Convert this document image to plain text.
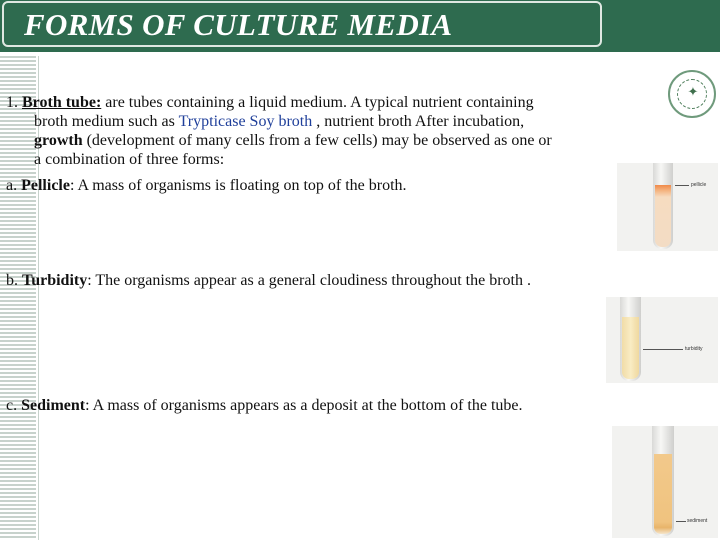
FORMS OF CULTURE MEDIA
✦
1. Broth tube: are tubes containing a liquid medium. A typical nutrient containing
broth medium such as Trypticase Soy broth , nutrient broth After incubation,
growth (development of many cells from a few cells) may be observed as one or
a combination of three forms:
a. Pellicle: A mass of organisms is floating on top of the broth.
b. Turbidity: The organisms appear as a general cloudiness throughout the broth .
c. Sediment: A mass of organisms appears as a deposit at the bottom of the tube.
pellicle
turbidity
sediment
